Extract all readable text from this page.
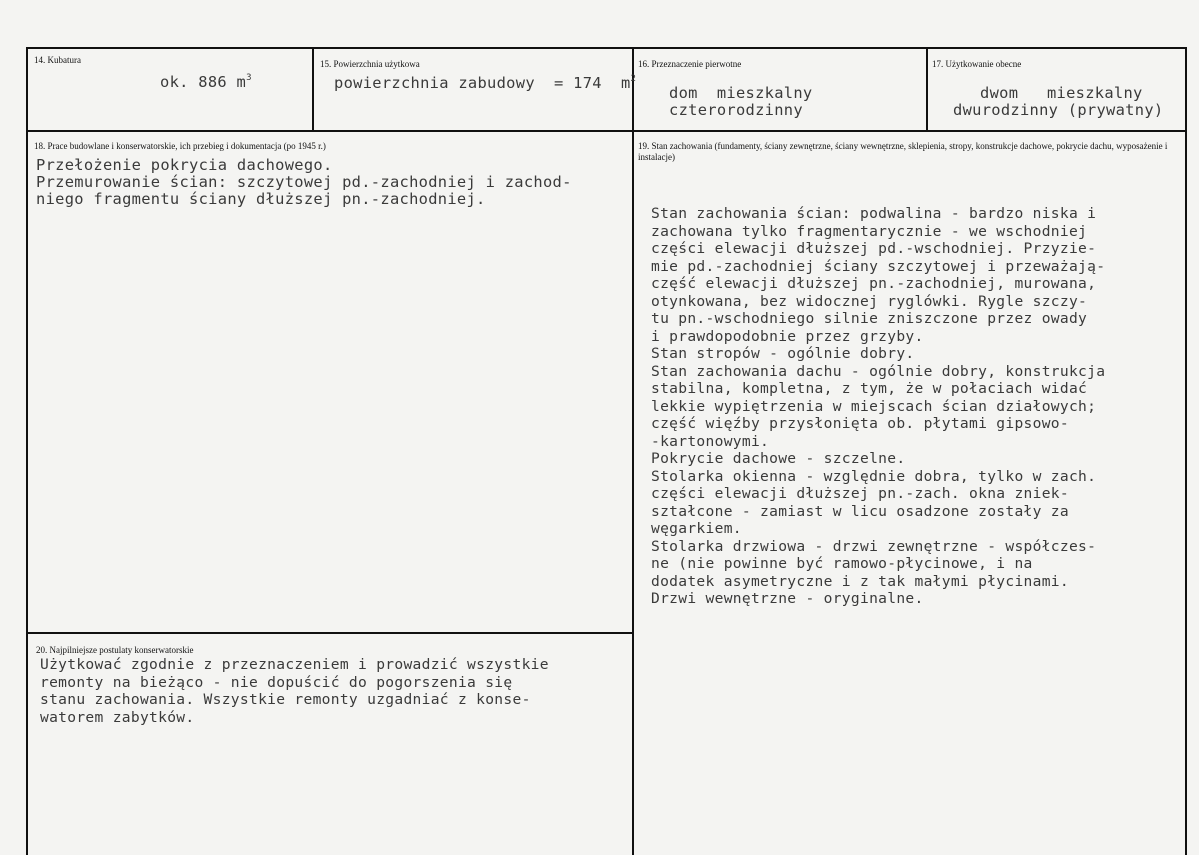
14. Kubatura
ok. 886 $m^3$
15. Powierzchnia użytkowa
powierzchnia zabudowy  = 174  $m^2$
16. Przeznaczenie pierwotne
dom  mieszkalny
czterorodzinny
17. Użytkowanie obecne
dwom   mieszkalny
dwurodzinny (prywatny)
18. Prace budowlane i konserwatorskie, ich przebieg i dokumentacja (po 1945 r.)
Przełożenie pokrycia dachowego.
Przemurowanie ścian: szczytowej pd.-zachodniej i zachod-
niego fragmentu ściany dłuższej pn.-zachodniej.
19. Stan zachowania (fundamenty, ściany zewnętrzne, ściany wewnętrzne, sklepienia, stropy, konstrukcje dachowe, pokrycie dachu, wyposażenie i instalacje)
Stan zachowania ścian: podwalina - bardzo niska i
zachowana tylko fragmentarycznie - we wschodniej
części elewacji dłuższej pd.-wschodniej. Przyzie-
mie pd.-zachodniej ściany szczytowej i przeważają-
część elewacji dłuższej pn.-zachodniej, murowana,
otynkowana, bez widocznej ryglówki. Rygle szczy-
tu pn.-wschodniego silnie zniszczone przez owady
i prawdopodobnie przez grzyby.
Stan stropów - ogólnie dobry.
Stan zachowania dachu - ogólnie dobry, konstrukcja
stabilna, kompletna, z tym, że w połaciach widać
lekkie wypiętrzenia w miejscach ścian działowych;
część więźby przysłonięta ob. płytami gipsowo-
-kartonowymi.
Pokrycie dachowe - szczelne.
Stolarka okienna - względnie dobra, tylko w zach.
części elewacji dłuższej pn.-zach. okna zniek-
ształcone - zamiast w licu osadzone zostały za
węgarkiem.
Stolarka drzwiowa - drzwi zewnętrzne - współczes-
ne (nie powinne być ramowo-płycinowe, i na
dodatek asymetryczne i z tak małymi płycinami.
Drzwi wewnętrzne - oryginalne.
20. Najpilniejsze postulaty konserwatorskie
Użytkować zgodnie z przeznaczeniem i prowadzić wszystkie
remonty na bieżąco - nie dopuścić do pogorszenia się
stanu zachowania. Wszystkie remonty uzgadniać z konse-
watorem zabytków.
